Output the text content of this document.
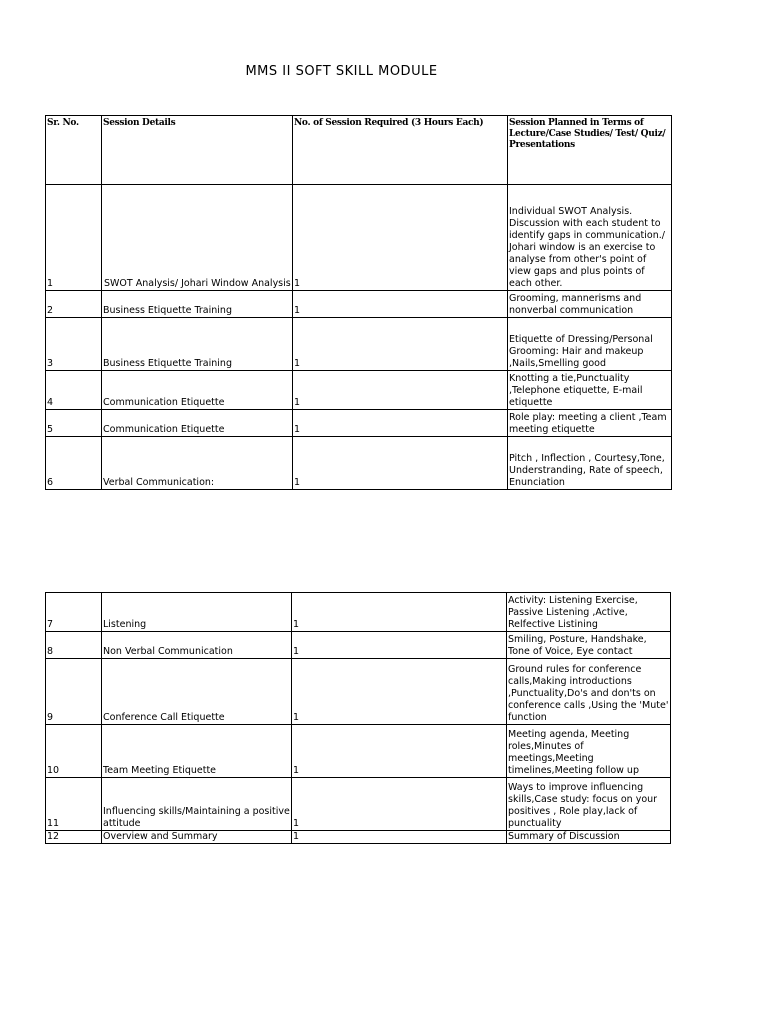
MMS II SOFT SKILL MODULE
Sr. No.	Session Details	No. of Session Required (3 Hours Each)	Session Planned in Terms of Lecture/Case Studies/ Test/ Quiz/ Presentations
1	SWOT Analysis/ Johari Window Analysis	1	Individual SWOT Analysis. Discussion with each student to identify gaps in communication./ Johari window is an exercise to analyse from other's point of view gaps and plus points of each other.
2	Business Etiquette Training	1	Grooming, mannerisms and nonverbal communication
3	Business Etiquette Training	1	Etiquette of Dressing/Personal Grooming: Hair and makeup ,Nails,Smelling good
4	Communication Etiquette	1	Knotting a tie,Punctuality ,Telephone etiquette, E-mail etiquette
5	Communication Etiquette	1	Role play: meeting a client ,Team meeting etiquette
6	Verbal Communication:	1	Pitch , Inflection , Courtesy,Tone, Understranding, Rate of speech, Enunciation
7	Listening	1	Activity: Listening Exercise, Passive Listening ,Active, Relfective Listining
8	Non Verbal Communication	1	Smiling, Posture, Handshake, Tone of Voice, Eye contact
9	Conference Call Etiquette	1	Ground rules for conference calls,Making introductions ,Punctuality,Do's and don'ts on conference calls ,Using the 'Mute' function
10	Team Meeting Etiquette	1	Meeting agenda, Meeting roles,Minutes of meetings,Meeting timelines,Meeting follow up
11	Influencing skills/Maintaining a positive attitude	1	Ways to improve influencing skills,Case study: focus on your positives , Role play,lack of punctuality
12	Overview and Summary	1	Summary of Discussion
